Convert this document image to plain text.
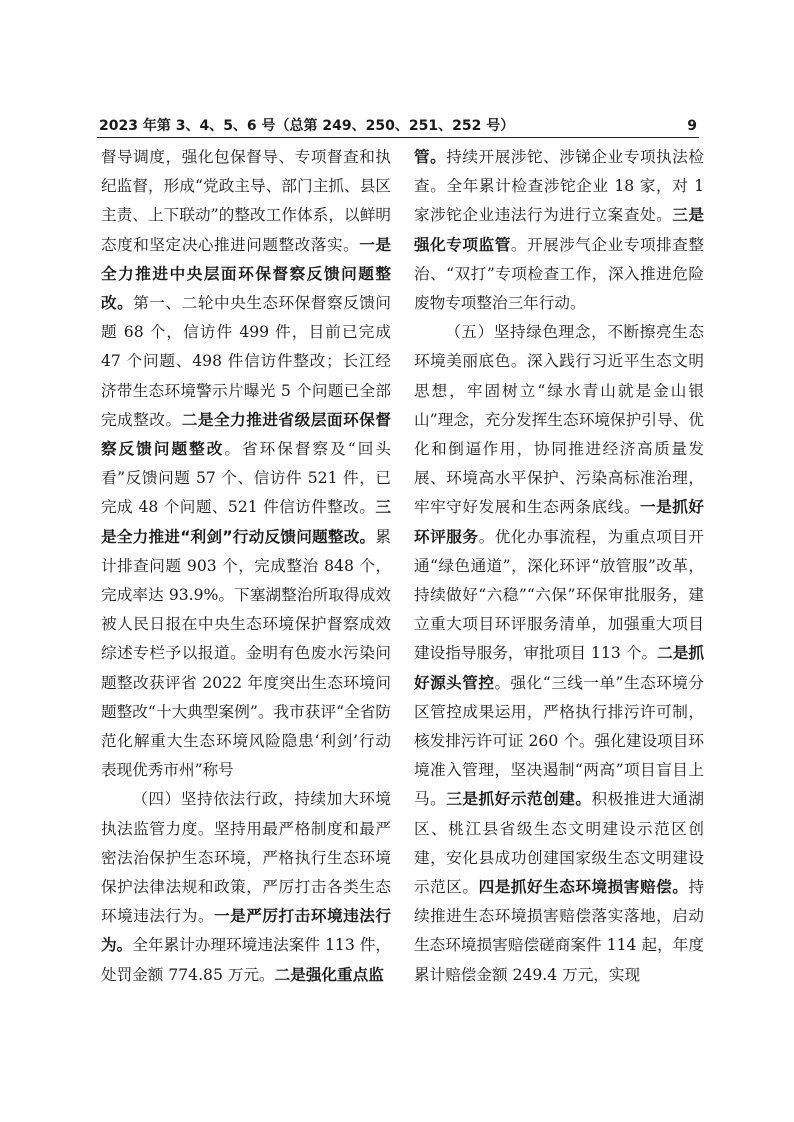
2023 年第 3、4、5、6 号（总第 249、250、251、252 号）	9

督导调度，强化包保督导、专项督查和执纪监督，形成“党政主导、部门主抓、县区主责、上下联动”的整改工作体系，以鲜明态度和坚定决心推进问题整改落实。一是全力推进中央层面环保督察反馈问题整改。第一、二轮中央生态环保督察反馈问题 68 个，信访件 499 件，目前已完成 47 个问题、498 件信访件整改；长江经济带生态环境警示片曝光 5 个问题已全部完成整改。二是全力推进省级层面环保督察反馈问题整改。省环保督察及“回头看”反馈问题 57 个、信访件 521 件，已完成 48 个问题、521 件信访件整改。三是全力推进“利剑”行动反馈问题整改。累计排查问题 903 个，完成整治 848 个，完成率达 93.9%。下塞湖整治所取得成效被人民日报在中央生态环境保护督察成效综述专栏予以报道。金明有色废水污染问题整改获评省 2022 年度突出生态环境问题整改“十大典型案例”。我市获评“全省防范化解重大生态环境风险隐患‘利剑’行动表现优秀市州”称号

（四）坚持依法行政，持续加大环境执法监管力度。坚持用最严格制度和最严密法治保护生态环境，严格执行生态环境保护法律法规和政策，严厉打击各类生态环境违法行为。一是严厉打击环境违法行为。全年累计办理环境违法案件 113 件，处罚金额 774.85 万元。二是强化重点监

管。持续开展涉铊、涉锑企业专项执法检查。全年累计检查涉铊企业 18 家，对 1 家涉铊企业违法行为进行立案查处。三是强化专项监管。开展涉气企业专项排查整治、“双打”专项检查工作，深入推进危险废物专项整治三年行动。

（五）坚持绿色理念，不断擦亮生态环境美丽底色。深入践行习近平生态文明思想，牢固树立“绿水青山就是金山银山”理念，充分发挥生态环境保护引导、优化和倒逼作用，协同推进经济高质量发展、环境高水平保护、污染高标准治理，牢牢守好发展和生态两条底线。一是抓好环评服务。优化办事流程，为重点项目开通“绿色通道”，深化环评“放管服”改革，持续做好“六稳”“六保”环保审批服务，建立重大项目环评服务清单，加强重大项目建设指导服务，审批项目 113 个。二是抓好源头管控。强化“三线一单”生态环境分区管控成果运用，严格执行排污许可制，核发排污许可证 260 个。强化建设项目环境准入管理，坚决遏制“两高”项目盲目上马。三是抓好示范创建。积极推进大通湖区、桃江县省级生态文明建设示范区创建，安化县成功创建国家级生态文明建设示范区。四是抓好生态环境损害赔偿。持续推进生态环境损害赔偿落实落地，启动生态环境损害赔偿磋商案件 114 起，年度累计赔偿金额 249.4 万元，实现
